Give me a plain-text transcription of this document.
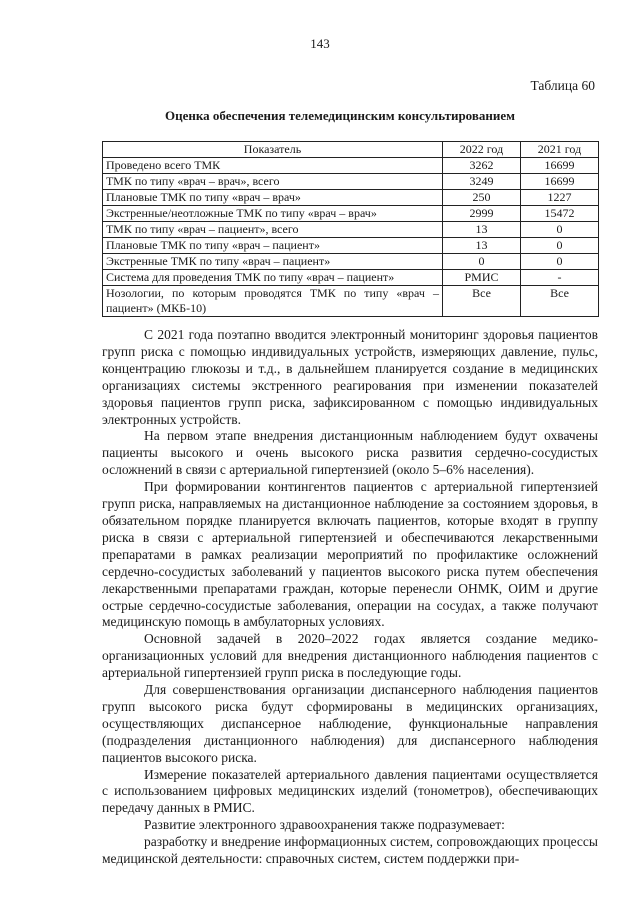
143
Таблица 60
Оценка обеспечения телемедицинским консультированием
Показатель	2022 год	2021 год
Проведено всего ТМК	3262	16699
ТМК по типу «врач – врач», всего	3249	16699
Плановые ТМК по типу «врач – врач»	250	1227
Экстренные/неотложные ТМК по типу «врач – врач»	2999	15472
ТМК по типу «врач – пациент», всего	13	0
Плановые ТМК по типу «врач – пациент»	13	0
Экстренные ТМК по типу «врач – пациент»	0	0
Система для проведения ТМК по типу «врач – пациент»	РМИС	-
Нозологии, по которым проводятся ТМК по типу «врач – пациент» (МКБ-10)	Все	Все

С 2021 года поэтапно вводится электронный мониторинг здоровья пациентов групп риска с помощью индивидуальных устройств, измеряющих давление, пульс, концентрацию глюкозы и т.д., в дальнейшем планируется создание в медицинских организациях системы экстренного реагирования при изменении показателей здоровья пациентов групп риска, зафиксированном с помощью индивидуальных электронных устройств.

На первом этапе внедрения дистанционным наблюдением будут охвачены пациенты высокого и очень высокого риска развития сердечно-сосудистых осложнений в связи с артериальной гипертензией (около 5–6% населения).

При формировании контингентов пациентов с артериальной гипертензией групп риска, направляемых на дистанционное наблюдение за состоянием здоровья, в обязательном порядке планируется включать пациентов, которые входят в группу риска в связи с артериальной гипертензией и обеспечиваются лекарственными препаратами в рамках реализации мероприятий по профилактике осложнений сердечно-сосудистых заболеваний у пациентов высокого риска путем обеспечения лекарственными препаратами граждан, которые перенесли ОНМК, ОИМ и другие острые сердечно-сосудистые заболевания, операции на сосудах, а также получают медицинскую помощь в амбулаторных условиях.

Основной задачей в 2020–2022 годах является создание медико-организационных условий для внедрения дистанционного наблюдения пациентов с артериальной гипертензией групп риска в последующие годы.

Для совершенствования организации диспансерного наблюдения пациентов групп высокого риска будут сформированы в медицинских организациях, осуществляющих диспансерное наблюдение, функциональные направления (подразделения дистанционного наблюдения) для диспансерного наблюдения пациентов высокого риска.

Измерение показателей артериального давления пациентами осуществляется с использованием цифровых медицинских изделий (тонометров), обеспечивающих передачу данных в РМИС.

Развитие электронного здравоохранения также подразумевает:

разработку и внедрение информационных систем, сопровождающих процессы медицинской деятельности: справочных систем, систем поддержки при-
